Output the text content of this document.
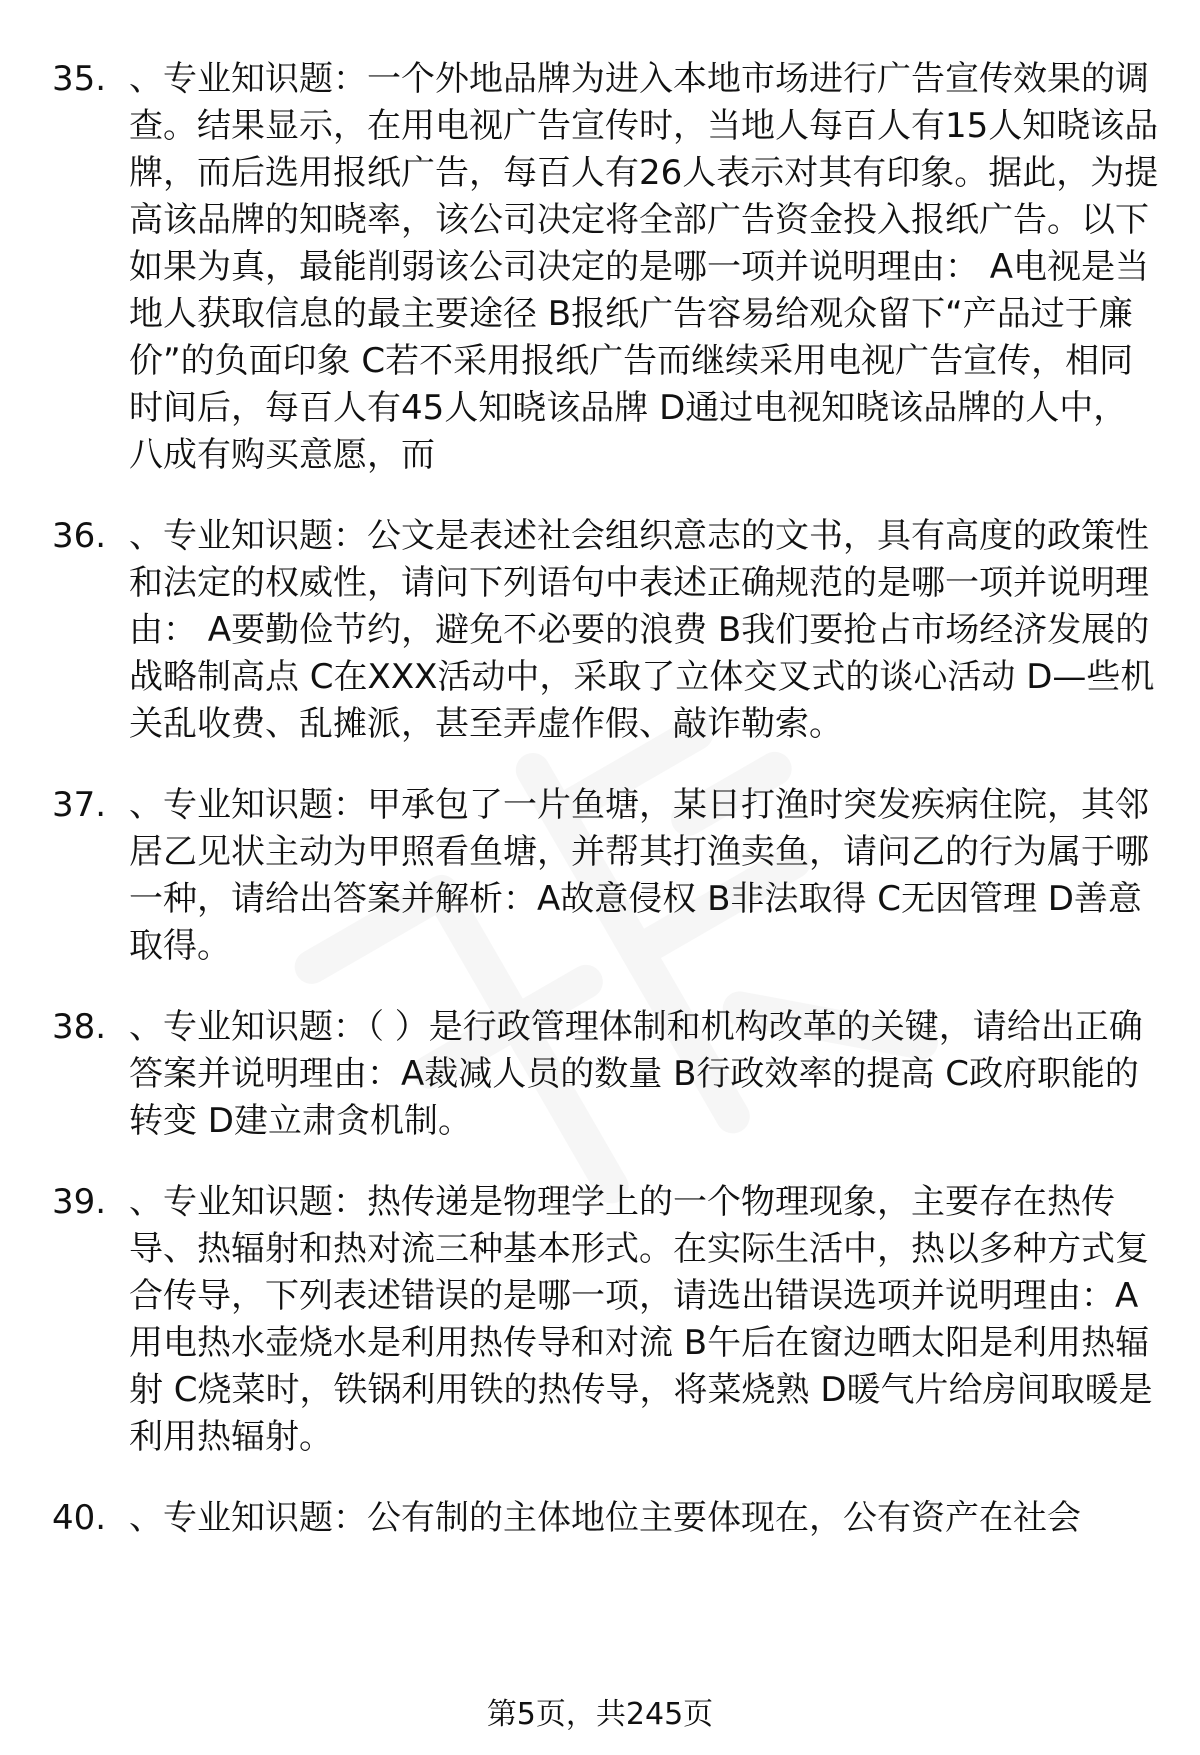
35. 、专业知识题：一个外地品牌为进入本地市场进行广告宣传效果的调查。结果显示，在用电视广告宣传时，当地人每百人有15人知晓该品牌，而后选用报纸广告，每百人有26人表示对其有印象。据此，为提高该品牌的知晓率，该公司决定将全部广告资金投入报纸广告。以下如果为真，最能削弱该公司决定的是哪一项并说明理由： A电视是当地人获取信息的最主要途径 B报纸广告容易给观众留下“产品过于廉价”的负面印象 C若不采用报纸广告而继续采用电视广告宣传，相同时间后，每百人有45人知晓该品牌 D通过电视知晓该品牌的人中，八成有购买意愿，而
36. 、专业知识题：公文是表述社会组织意志的文书，具有高度的政策性和法定的权威性，请问下列语句中表述正确规范的是哪一项并说明理由： A要勤俭节约，避免不必要的浪费 B我们要抢占市场经济发展的战略制高点 C在XXX活动中，采取了立体交叉式的谈心活动 D—些机关乱收费、乱摊派，甚至弄虚作假、敲诈勒索。
37. 、专业知识题：甲承包了一片鱼塘，某日打渔时突发疾病住院，其邻居乙见状主动为甲照看鱼塘，并帮其打渔卖鱼，请问乙的行为属于哪一种，请给出答案并解析：A故意侵权 B非法取得 C无因管理 D善意取得。
38. 、专业知识题：（ ）是行政管理体制和机构改革的关键，请给出正确答案并说明理由：A裁减人员的数量 B行政效率的提高 C政府职能的转变 D建立肃贪机制。
39. 、专业知识题：热传递是物理学上的一个物理现象，主要存在热传导、热辐射和热对流三种基本形式。在实际生活中，热以多种方式复合传导，下列表述错误的是哪一项，请选出错误选项并说明理由：A用电热水壶烧水是利用热传导和对流 B午后在窗边晒太阳是利用热辐射 C烧菜时，铁锅利用铁的热传导，将菜烧熟 D暖气片给房间取暖是利用热辐射。
40. 、专业知识题：公有制的主体地位主要体现在，公有资产在社会
第5页，共245页
